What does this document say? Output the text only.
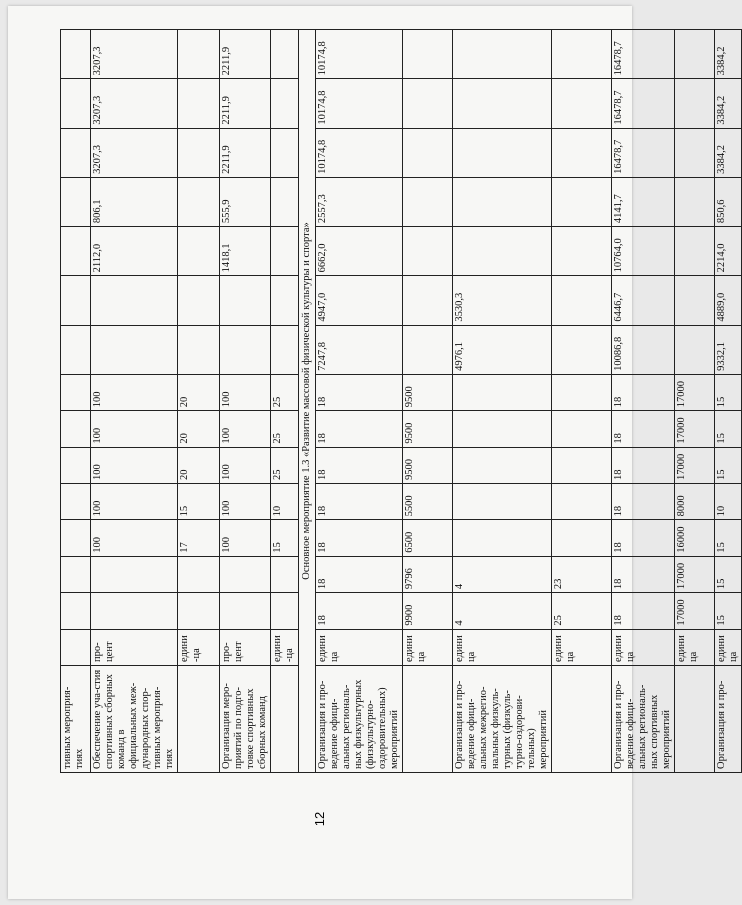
12
тивных мероприя-тиях															
Обеспечение уча-стия спортивных сборных команд в официальных меж-дународных спор-тивных мероприя-тиях	про-цент			100	100	100	100	100			2112,0	806,1	3207,3	3207,3	3207,3
	едини-ца			17	15	20	20	20							
Организация меро-приятий по подго-товке спортивных сборных команд	про-цент			100	100	100	100	100			1418,1	555,9	2211,9	2211,9	2211,9
	едини-ца			15	10	25	25	25							
Основное мероприятие 1.3 «Развитие массовой физической культуры и спорта»															
Организация и про-ведение офици-альных региональ-ных физкультурных (физкультурно-оздоровительных) мероприятий	единица	18	18	18	18	18	18	18	7247,8	4947,0	6662,0	2557,3	10174,8	10174,8	10174,8
	единица	9900	9796	6500	5500	9500	9500	9500							
Организация и про-ведение офици-альных межрегио-нальных физкуль-турных (физкуль-турно-оздорови-тельных) мероприятий	единица	4	4						4976,1	3530,3					
	единица	25	23												
Организация и про-ведение офици-альных региональ-ных спортивных мероприятий	единица	18	18	18	18	18	18	18	10086,8	6446,7	10764,0	4141,7	16478,7	16478,7	16478,7
	единица	17000	17000	16000	8000	17000	17000	17000							
Организация и про-	единица	15	15	15	10	15	15	15	9332,1	4889,0	2214,0	850,6	3384,2	3384,2	3384,2
